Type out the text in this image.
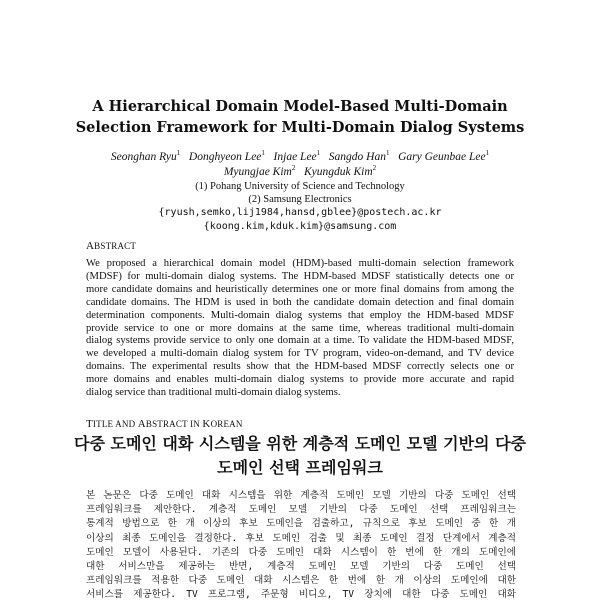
A Hierarchical Domain Model-Based Multi-Domain
Selection Framework for Multi-Domain Dialog Systems
Seonghan Ryu$^1$ Donghyeon Lee$^1$ Injae Lee$^1$ Sangdo Han$^1$ Gary Geunbae Lee$^1$
Myungjae Kim$^2$ Kyungduk Kim$^2$
(1) Pohang University of Science and Technology
(2) Samsung Electronics
{ryush,semko,lij1984,hansd,gblee}@postech.ac.kr
{koong.kim,kduk.kim}@samsung.com
ABSTRACT
We proposed a hierarchical domain model (HDM)-based multi-domain selection framework
(MDSF) for multi-domain dialog systems. The HDM-based MDSF statistically detects one or
more candidate domains and heuristically determines one or more final domains from among the
candidate domains. The HDM is used in both the candidate domain detection and final domain
determination components. Multi-domain dialog systems that employ the HDM-based MDSF
provide service to one or more domains at the same time, whereas traditional multi-domain
dialog systems provide service to only one domain at a time. To validate the HDM-based MDSF,
we developed a multi-domain dialog system for TV program, video-on-demand, and TV device
domains. The experimental results show that the HDM-based MDSF correctly selects one or
more domains and enables multi-domain dialog systems to provide more accurate and rapid
dialog service than traditional multi-domain dialog systems.
TITLE AND ABSTRACT IN KOREAN
다중 도메인 대화 시스템을 위한 계층적 도메인 모델 기반의 다중
도메인 선택 프레임워크
본 논문은 다중 도메인 대화 시스템을 위한 계층적 도메인 모델 기반의 다중 도메인 선택
프레임워크를 제안한다. 계층적 도메인 모델 기반의 다중 도메인 선택 프레임워크는
통계적 방법으로 한 개 이상의 후보 도메인을 검출하고, 규칙으로 후보 도메인 중 한 개
이상의 최종 도메인을 결정한다. 후보 도메인 검출 및 최종 도메인 결정 단계에서 계층적
도메인 모델이 사용된다. 기존의 다중 도메인 대화 시스템이 한 번에 한 개의 도메인에
대한 서비스만을 제공하는 반면, 계층적 도메인 모델 기반의 다중 도메인 선택
프레임워크를 적용한 다중 도메인 대화 시스템은 한 번에 한 개 이상의 도메인에 대한
서비스를 제공한다. TV 프로그램, 주문형 비디오, TV 장치에 대한 다중 도메인 대화
